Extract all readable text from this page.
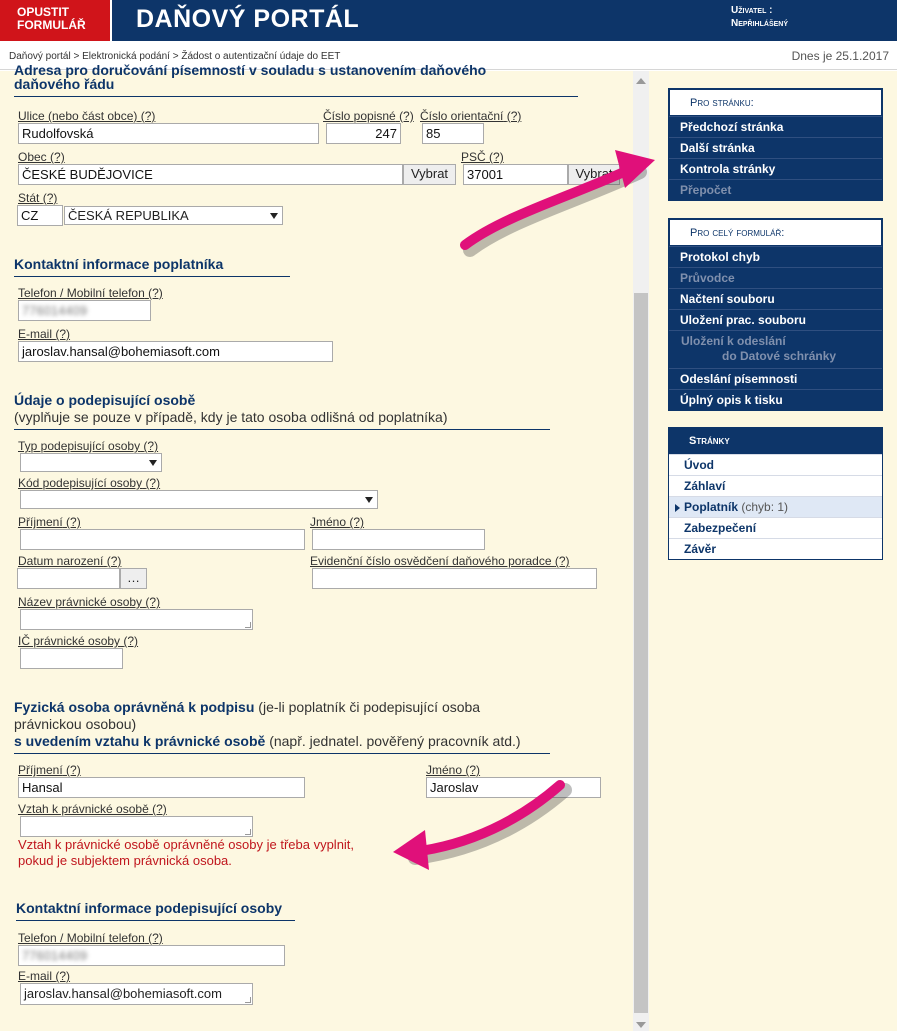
OPUSTIT
FORMULÁŘ	DAŇOVÝ PORTÁL	Uživatel :
Nepřihlášený
Daňový portál > Elektronická podání > Žádost o autentizační údaje do EET	Dnes je 25.1.2017
Adresa pro doručování písemností v souladu s ustanovením daňového
daňového řádu
Ulice (nebo část obce) (?)
Rudolfovská
Číslo popisné (?)
247
Číslo orientační (?)
85
Obec (?)
ČESKÉ BUDĚJOVICE	Vybrat
PSČ (?)
37001	Vybrat
Stát (?)
CZ	ČESKÁ REPUBLIKA
Kontaktní informace poplatníka
Telefon / Mobilní telefon (?)
776014409
E-mail (?)
jaroslav.hansal@bohemiasoft.com
Údaje o podepisující osobě
(vyplňuje se pouze v případě, kdy je tato osoba odlišná od poplatníka)
Typ podepisující osoby (?)
Kód podepisující osoby (?)
Příjmení (?)	Jméno (?)
Datum narození (?)
…
Evidenční číslo osvědčení daňového poradce (?)
Název právnické osoby (?)
IČ právnické osoby (?)
Fyzická osoba oprávněná k podpisu (je-li poplatník či podepisující osoba
právnickou osobou)
s uvedením vztahu k právnické osobě (např. jednatel. pověřený pracovník atd.)
Příjmení (?)
Hansal
Jméno (?)
Jaroslav
Vztah k právnické osobě (?)
Vztah k právnické osobě oprávněné osoby je třeba vyplnit,
pokud je subjektem právnická osoba.
Kontaktní informace podepisující osoby
Telefon / Mobilní telefon (?)
776014409
E-mail (?)
jaroslav.hansal@bohemiasoft.com
Pro stránku:
Předchozí stránka
Další stránka
Kontrola stránky
Přepočet
Pro celý formulář:
Protokol chyb
Průvodce
Načtení souboru
Uložení prac. souboru
Uložení k odeslání
do Datové schránky
Odeslání písemnosti
Úplný opis k tisku
Stránky
Úvod
Záhlaví
Poplatník (chyb: 1)
Zabezpečení
Závěr
